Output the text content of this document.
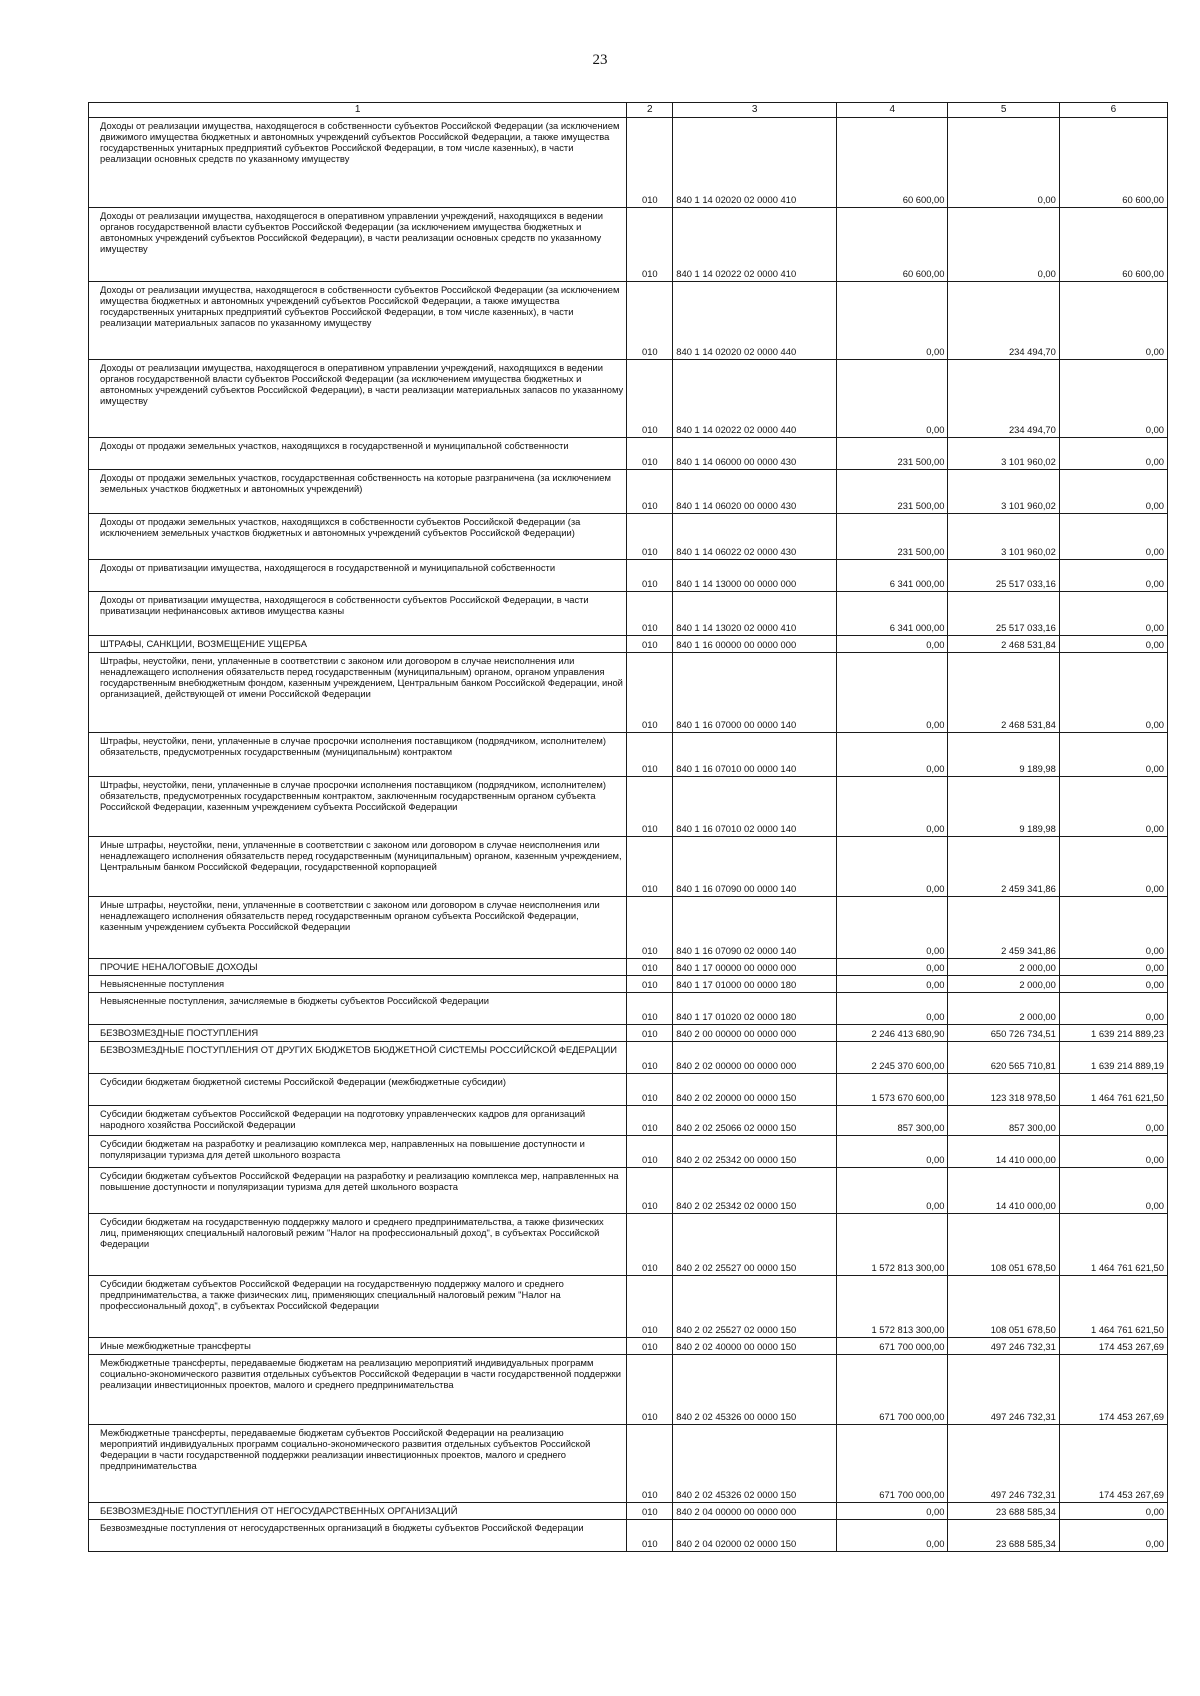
23
1	2	3	4	5	6

Доходы от реализации имущества, находящегося в собственности субъектов Российской Федерации (за исключением движимого имущества бюджетных и автономных учреждений субъектов Российской Федерации, а также имущества государственных унитарных предприятий субъектов Российской Федерации, в том числе казенных), в части реализации основных средств по указанному имуществу	010	840 1 14 02020 02 0000 410	60 600,00	0,00	60 600,00

Доходы от реализации имущества, находящегося в оперативном управлении учреждений, находящихся в ведении органов государственной власти субъектов Российской Федерации (за исключением имущества бюджетных и автономных учреждений субъектов Российской Федерации), в части реализации основных средств по указанному имуществу	010	840 1 14 02022 02 0000 410	60 600,00	0,00	60 600,00

Доходы от реализации имущества, находящегося в собственности субъектов Российской Федерации (за исключением имущества бюджетных и автономных учреждений субъектов Российской Федерации, а также имущества государственных унитарных предприятий субъектов Российской Федерации, в том числе казенных), в части реализации материальных запасов по указанному имуществу	010	840 1 14 02020 02 0000 440	0,00	234 494,70	0,00

Доходы от реализации имущества, находящегося в оперативном управлении учреждений, находящихся в ведении органов государственной власти субъектов Российской Федерации (за исключением имущества бюджетных и автономных учреждений субъектов Российской Федерации), в части реализации материальных запасов по указанному имуществу	010	840 1 14 02022 02 0000 440	0,00	234 494,70	0,00

Доходы от продажи земельных участков, находящихся в государственной и муниципальной собственности	010	840 1 14 06000 00 0000 430	231 500,00	3 101 960,02	0,00

Доходы от продажи земельных участков, государственная собственность на которые разграничена (за исключением земельных участков бюджетных и автономных учреждений)	010	840 1 14 06020 00 0000 430	231 500,00	3 101 960,02	0,00

Доходы от продажи земельных участков, находящихся в собственности субъектов Российской Федерации (за исключением земельных участков бюджетных и автономных учреждений субъектов Российской Федерации)	010	840 1 14 06022 02 0000 430	231 500,00	3 101 960,02	0,00

Доходы от приватизации имущества, находящегося в государственной и муниципальной собственности	010	840 1 14 13000 00 0000 000	6 341 000,00	25 517 033,16	0,00

Доходы от приватизации имущества, находящегося в собственности субъектов Российской Федерации, в части приватизации нефинансовых активов имущества казны	010	840 1 14 13020 02 0000 410	6 341 000,00	25 517 033,16	0,00

ШТРАФЫ, САНКЦИИ, ВОЗМЕЩЕНИЕ УЩЕРБА	010	840 1 16 00000 00 0000 000	0,00	2 468 531,84	0,00

Штрафы, неустойки, пени, уплаченные в соответствии с законом или договором в случае неисполнения или ненадлежащего исполнения обязательств перед государственным (муниципальным) органом, органом управления государственным внебюджетным фондом, казенным учреждением, Центральным банком Российской Федерации, иной организацией, действующей от имени Российской Федерации	010	840 1 16 07000 00 0000 140	0,00	2 468 531,84	0,00

Штрафы, неустойки, пени, уплаченные в случае просрочки исполнения поставщиком (подрядчиком, исполнителем) обязательств, предусмотренных государственным (муниципальным) контрактом	010	840 1 16 07010 00 0000 140	0,00	9 189,98	0,00

Штрафы, неустойки, пени, уплаченные в случае просрочки исполнения поставщиком (подрядчиком, исполнителем) обязательств, предусмотренных государственным контрактом, заключенным государственным органом субъекта Российской Федерации, казенным учреждением субъекта Российской Федерации	010	840 1 16 07010 02 0000 140	0,00	9 189,98	0,00

Иные штрафы, неустойки, пени, уплаченные в соответствии с законом или договором в случае неисполнения или ненадлежащего исполнения обязательств перед государственным (муниципальным) органом, казенным учреждением, Центральным банком Российской Федерации, государственной корпорацией	010	840 1 16 07090 00 0000 140	0,00	2 459 341,86	0,00

Иные штрафы, неустойки, пени, уплаченные в соответствии с законом или договором в случае неисполнения или ненадлежащего исполнения обязательств перед государственным органом субъекта Российской Федерации, казенным учреждением субъекта Российской Федерации	010	840 1 16 07090 02 0000 140	0,00	2 459 341,86	0,00

ПРОЧИЕ НЕНАЛОГОВЫЕ ДОХОДЫ	010	840 1 17 00000 00 0000 000	0,00	2 000,00	0,00

Невыясненные поступления	010	840 1 17 01000 00 0000 180	0,00	2 000,00	0,00

Невыясненные поступления, зачисляемые в бюджеты субъектов Российской Федерации	010	840 1 17 01020 02 0000 180	0,00	2 000,00	0,00

БЕЗВОЗМЕЗДНЫЕ ПОСТУПЛЕНИЯ	010	840 2 00 00000 00 0000 000	2 246 413 680,90	650 726 734,51	1 639 214 889,23

БЕЗВОЗМЕЗДНЫЕ ПОСТУПЛЕНИЯ ОТ ДРУГИХ БЮДЖЕТОВ БЮДЖЕТНОЙ СИСТЕМЫ РОССИЙСКОЙ ФЕДЕРАЦИИ	010	840 2 02 00000 00 0000 000	2 245 370 600,00	620 565 710,81	1 639 214 889,19

Субсидии бюджетам бюджетной системы Российской Федерации (межбюджетные субсидии)	010	840 2 02 20000 00 0000 150	1 573 670 600,00	123 318 978,50	1 464 761 621,50

Субсидии бюджетам субъектов Российской Федерации на подготовку управленческих кадров для организаций народного хозяйства Российской Федерации	010	840 2 02 25066 02 0000 150	857 300,00	857 300,00	0,00

Субсидии бюджетам на разработку и реализацию комплекса мер, направленных на повышение доступности и популяризации туризма для детей школьного возраста	010	840 2 02 25342 00 0000 150	0,00	14 410 000,00	0,00

Субсидии бюджетам субъектов Российской Федерации на разработку и реализацию комплекса мер, направленных на повышение доступности и популяризации туризма для детей школьного возраста	010	840 2 02 25342 02 0000 150	0,00	14 410 000,00	0,00

Субсидии бюджетам на государственную поддержку малого и среднего предпринимательства, а также физических лиц, применяющих специальный налоговый режим "Налог на профессиональный доход", в субъектах Российской Федерации	010	840 2 02 25527 00 0000 150	1 572 813 300,00	108 051 678,50	1 464 761 621,50

Субсидии бюджетам субъектов Российской Федерации на государственную поддержку малого и среднего предпринимательства, а также физических лиц, применяющих специальный налоговый режим "Налог на профессиональный доход", в субъектах Российской Федерации	010	840 2 02 25527 02 0000 150	1 572 813 300,00	108 051 678,50	1 464 761 621,50

Иные межбюджетные трансферты	010	840 2 02 40000 00 0000 150	671 700 000,00	497 246 732,31	174 453 267,69

Межбюджетные трансферты, передаваемые бюджетам на реализацию мероприятий индивидуальных программ социально-экономического развития отдельных субъектов Российской Федерации в части государственной поддержки реализации инвестиционных проектов, малого и среднего предпринимательства	010	840 2 02 45326 00 0000 150	671 700 000,00	497 246 732,31	174 453 267,69

Межбюджетные трансферты, передаваемые бюджетам субъектов Российской Федерации на реализацию мероприятий индивидуальных программ социально-экономического развития отдельных субъектов Российской Федерации в части государственной поддержки реализации инвестиционных проектов, малого и среднего предпринимательства	010	840 2 02 45326 02 0000 150	671 700 000,00	497 246 732,31	174 453 267,69

БЕЗВОЗМЕЗДНЫЕ ПОСТУПЛЕНИЯ ОТ НЕГОСУДАРСТВЕННЫХ ОРГАНИЗАЦИЙ	010	840 2 04 00000 00 0000 000	0,00	23 688 585,34	0,00

Безвозмездные поступления от негосударственных организаций в бюджеты субъектов Российской Федерации	010	840 2 04 02000 02 0000 150	0,00	23 688 585,34	0,00
